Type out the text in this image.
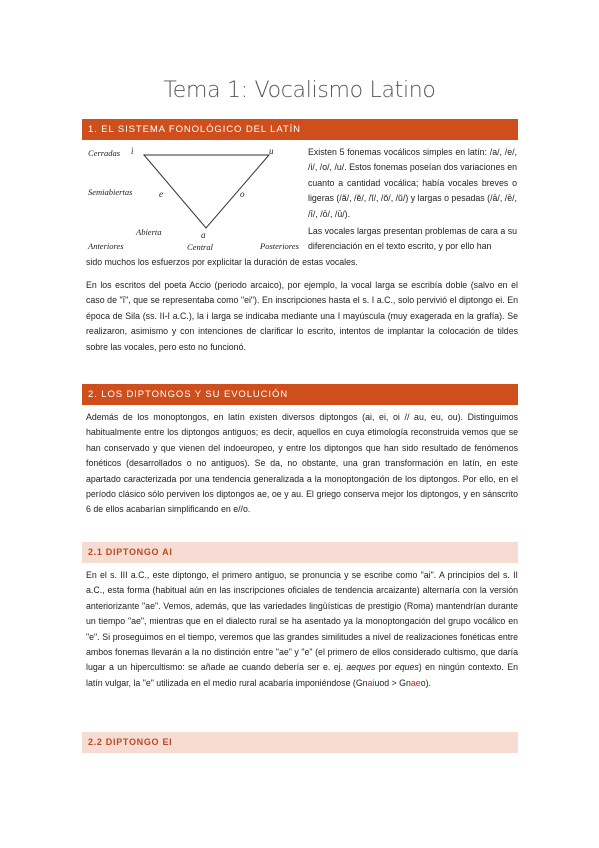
Tema 1: Vocalismo Latino
1. EL SISTEMA FONOLÓGICO DEL LATÍN
Cerradas i	u
Semiabiertas	e	o
Abierta	a
Anteriores	Central	Posteriores

Existen 5 fonemas vocálicos simples en latín: /a/, /e/, /i/, /o/, /u/. Estos fonemas poseían dos variaciones en cuanto a cantidad vocálica; había vocales breves o ligeras (/ă/, /ĕ/, /ĭ/, /ŏ/, /ŭ/) y largas o pesadas (/ā/, /ē/, /ī/, /ō/, /ū/).

Las vocales largas presentan problemas de cara a su diferenciación en el texto escrito, y por ello han

sido muchos los esfuerzos por explicitar la duración de estas vocales.

En los escritos del poeta Accio (periodo arcaico), por ejemplo, la vocal larga se escribía doble (salvo en el caso de "ī", que se representaba como "ei"). En inscripciones hasta el s. I a.C., solo pervivió el diptongo ei. En época de Sila (ss. II-I a.C.), la i larga se indicaba mediante una I mayúscula (muy exagerada en la grafía). Se realizaron, asimismo y con intenciones de clarificar lo escrito, intentos de implantar la colocación de tildes sobre las vocales, pero esto no funcionó.

2. LOS DIPTONGOS Y SU EVOLUCIÓN

Además de los monoptongos, en latín existen diversos diptongos (ai, ei, oi // au, eu, ou). Distinguimos habitualmente entre los diptongos antiguos; es decir, aquellos en cuya etimología reconstruida vemos que se han conservado y que vienen del indoeuropeo, y entre los diptongos que han sido resultado de fenómenos fonéticos (desarrollados o no antiguos). Se da, no obstante, una gran transformación en latín, en este apartado caracterizada por una tendencia generalizada a la monoptongación de los diptongos. Por ello, en el período clásico sólo perviven los diptongos ae, oe y au. El griego conserva mejor los diptongos, y en sánscrito 6 de ellos acabarían simplificando en e//o.

2.1 DIPTONGO AI

En el s. III a.C., este diptongo, el primero antiguo, se pronuncia y se escribe como "ai". A principios del s. II a.C., esta forma (habitual aún en las inscripciones oficiales de tendencia arcaizante) alternaría con la versión anteriorizante "ae". Vemos, además, que las variedades lingüísticas de prestigio (Roma) mantendrían durante un tiempo "ae", mientras que en el dialecto rural se ha asentado ya la monoptongación del grupo vocálico en "e". Si proseguimos en el tiempo, veremos que las grandes similitudes a nivel de realizaciones fonéticas entre ambos fonemas llevarán a la no distinción entre "ae" y "e" (el primero de ellos considerado cultismo, que daría lugar a un hipercultismo: se añade ae cuando debería ser e. ej. aeques por eques) en ningún contexto. En latín vulgar, la "e" utilizada en el medio rural acabaría imponiéndose (Gnaiuod > Gnaeo).

2.2 DIPTONGO EI
